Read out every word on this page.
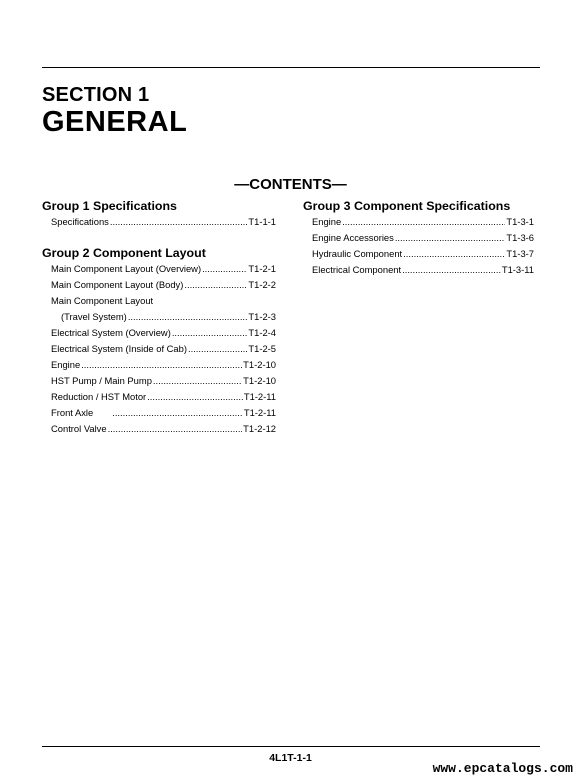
SECTION 1
GENERAL
—CONTENTS—
Group 1 Specifications
Specifications .....	T1-1-1
Group 2 Component Layout
Main Component Layout (Overview) .....	T1-2-1
Main Component Layout (Body) .....	T1-2-2
Main Component Layout
(Travel System) .....	T1-2-3
Electrical System (Overview) .....	T1-2-4
Electrical System (Inside of Cab) .....	T1-2-5
Engine .....	T1-2-10
HST Pump / Main Pump .....	T1-2-10
Reduction / HST Motor .....	T1-2-11
Front Axle .....	T1-2-11
Control Valve .....	T1-2-12
Group 3 Component Specifications
Engine .....	T1-3-1
Engine Accessories .....	T1-3-6
Hydraulic Component .....	T1-3-7
Electrical Component .....	T1-3-11
4L1T-1-1
www.epcatalogs.com
